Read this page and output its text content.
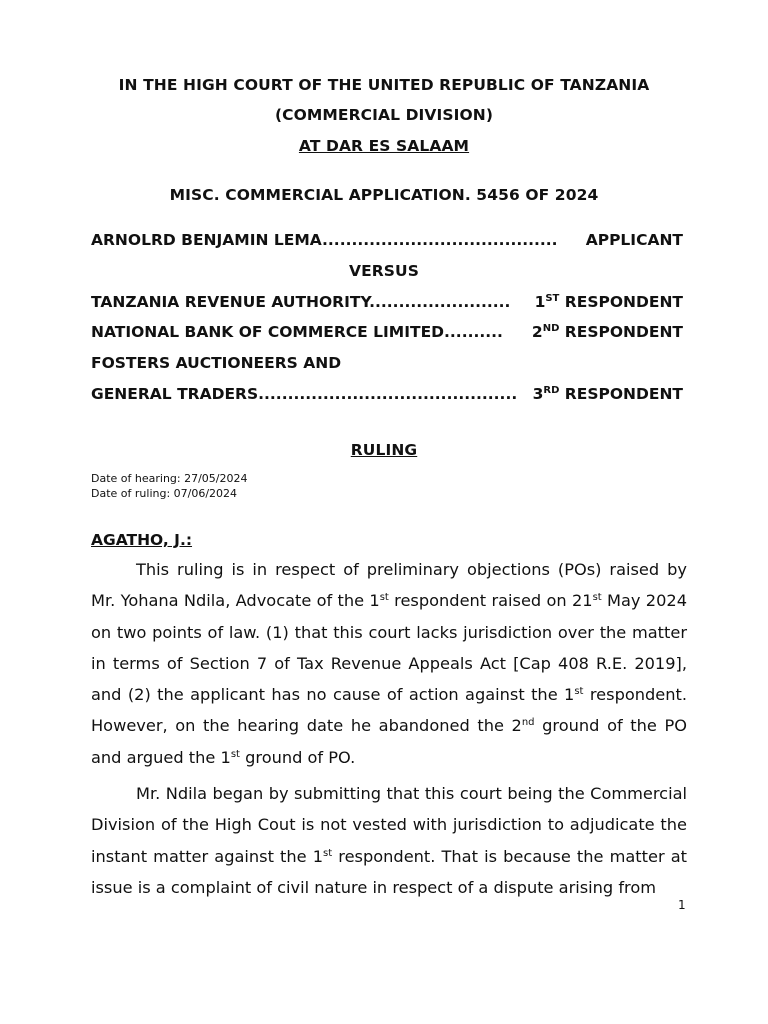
IN THE HIGH COURT OF THE UNITED REPUBLIC OF TANZANIA
(COMMERCIAL DIVISION)
AT DAR ES SALAAM
MISC. COMMERCIAL APPLICATION. 5456 OF 2024
ARNOLRD BENJAMIN LEMA........................................ APPLICANT
VERSUS
TANZANIA REVENUE AUTHORITY........................ 1ST RESPONDENT
NATIONAL BANK OF COMMERCE LIMITED.......... 2ND RESPONDENT
FOSTERS AUCTIONEERS AND
GENERAL TRADERS............................................ 3RD RESPONDENT
RULING
Date of hearing: 27/05/2024
Date of ruling: 07/06/2024
AGATHO, J.:

This ruling is in respect of preliminary objections (POs) raised by Mr. Yohana Ndila, Advocate of the 1st respondent raised on 21st May 2024 on two points of law. (1) that this court lacks jurisdiction over the matter in terms of Section 7 of Tax Revenue Appeals Act [Cap 408 R.E. 2019], and (2) the applicant has no cause of action against the 1st respondent. However, on the hearing date he abandoned the 2nd ground of the PO and argued the 1st ground of PO.

Mr. Ndila began by submitting that this court being the Commercial Division of the High Cout is not vested with jurisdiction to adjudicate the instant matter against the 1st respondent. That is because the matter at issue is a complaint of civil nature in respect of a dispute arising from

1
